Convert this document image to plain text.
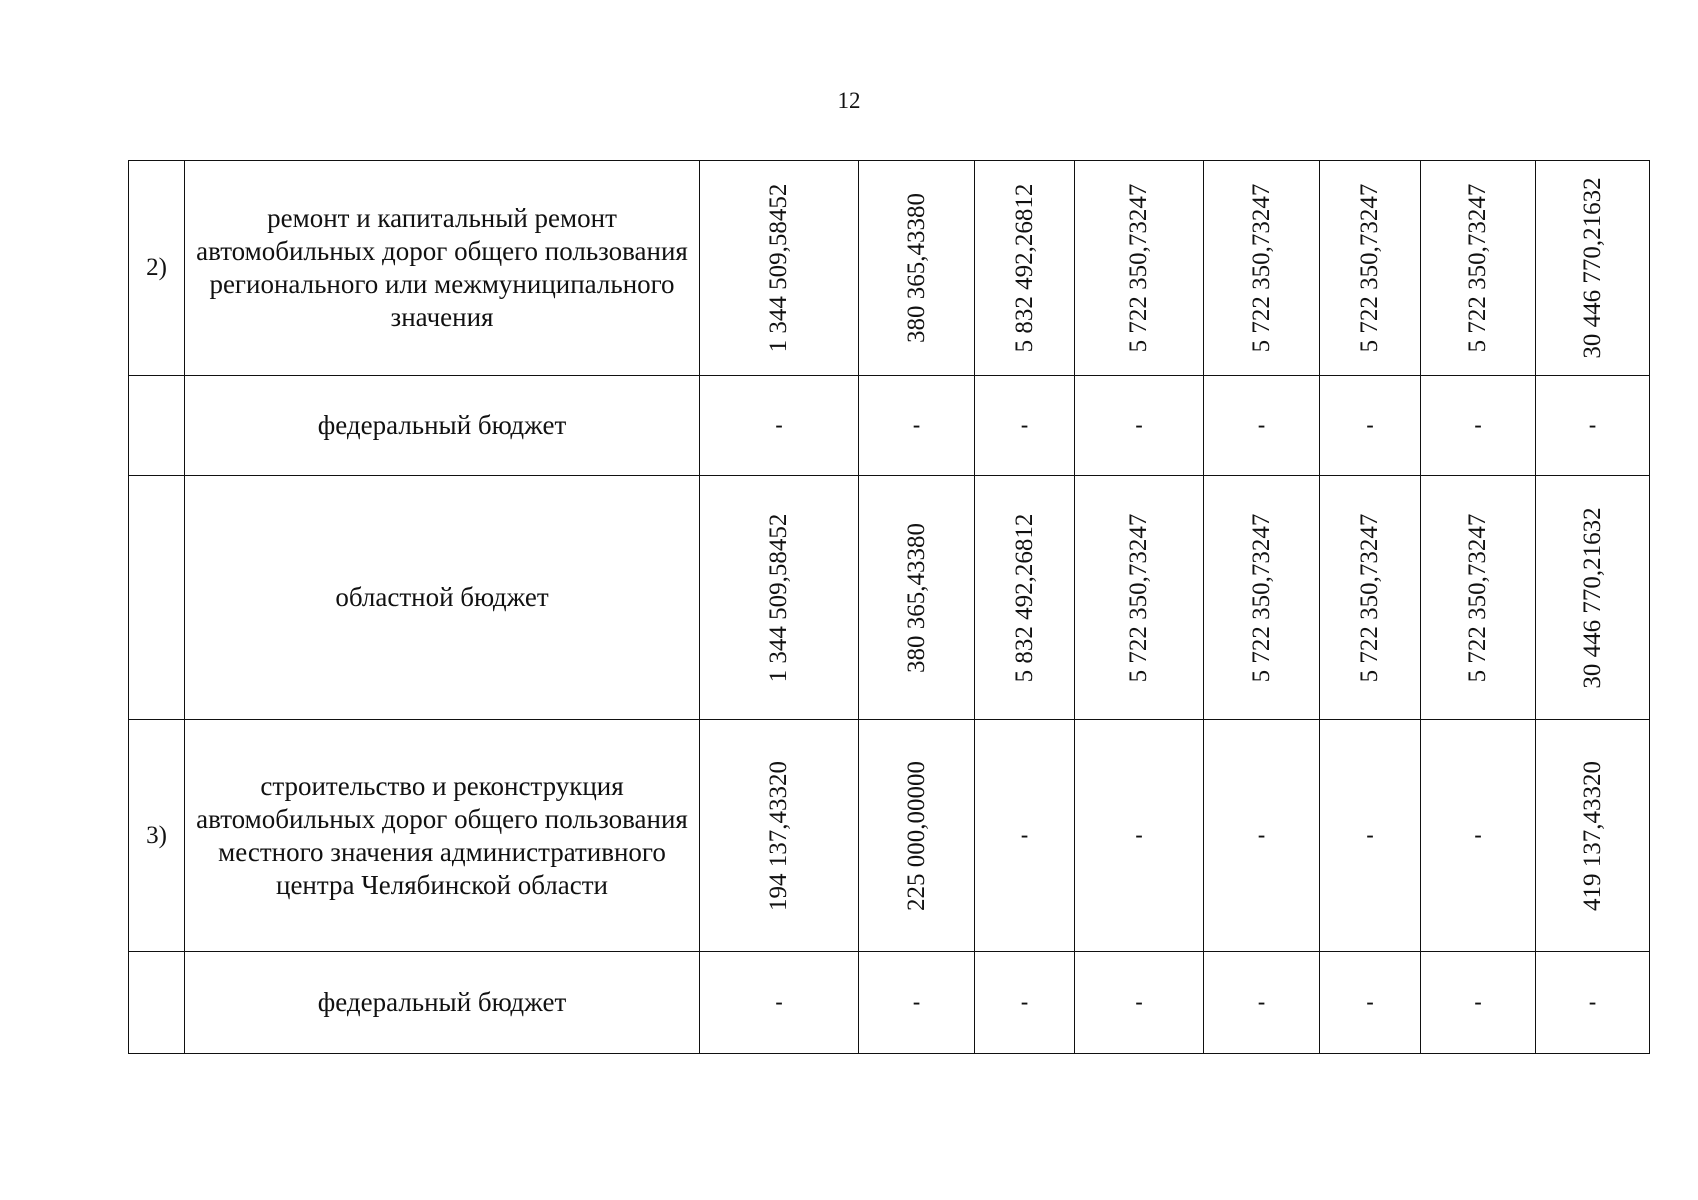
12
2)	ремонт и капитальный ремонт автомобильных дорог общего пользования регионального или межмуниципального значения	1 344 509,58452	380 365,43380	5 832 492,26812	5 722 350,73247	5 722 350,73247	5 722 350,73247	5 722 350,73247	30 446 770,21632

	федеральный бюджет	-	-	-	-	-	-	-	-
	областной бюджет	1 344 509,58452	380 365,43380	5 832 492,26812	5 722 350,73247	5 722 350,73247	5 722 350,73247	5 722 350,73247	30 446 770,21632

3)	строительство и реконструкция автомобильных дорог общего пользования местного значения административного центра Челябинской области	194 137,43320	225 000,00000	-	-	-	-	-	419 137,43320

	федеральный бюджет	-	-	-	-	-	-	-	-
